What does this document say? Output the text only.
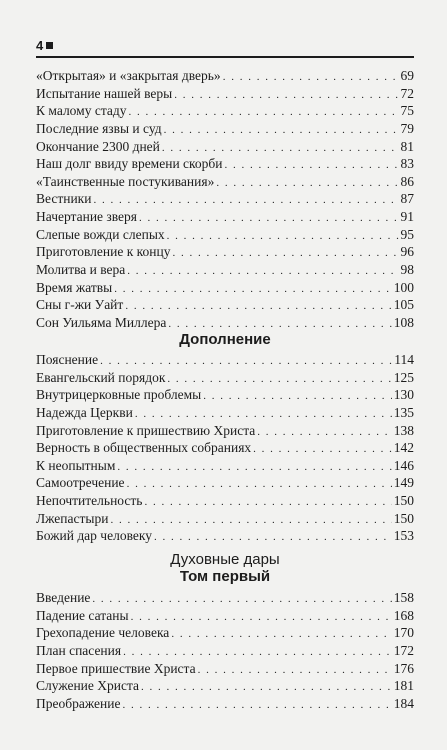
4
«Открытая» и «закрытая дверь» . . .	69
Испытание нашей веры . . .	72
К малому стаду . . .	75
Последние язвы и суд . . .	79
Окончание 2300 дней . . .	81
Наш долг ввиду времени скорби . . .	83
«Таинственные постукивания» . . .	86
Вестники . . .	87
Начертание зверя . . .	91
Слепые вожди слепых . . .	95
Приготовление к концу . . .	96
Молитва и вера . . .	98
Время жатвы . . .	100
Сны г-жи Уайт . . .	105
Сон Уильяма Миллера . . .	108
Дополнение
Пояснение . . .	114
Евангельский порядок . . .	125
Внутрицерковные проблемы . . .	130
Надежда Церкви . . .	135
Приготовление к пришествию Христа . . .	138
Верность в общественных собраниях . . .	142
К неопытным . . .	146
Самоотречение . . .	149
Непочтительность . . .	150
Лжепастыри . . .	150
Божий дар человеку . . .	153
Духовные дары
Том первый
Введение . . .	158
Падение сатаны . . .	168
Грехопадение человека . . .	170
План спасения . . .	172
Первое пришествие Христа . . .	176
Служение Христа . . .	181
Преображение . . .	184
